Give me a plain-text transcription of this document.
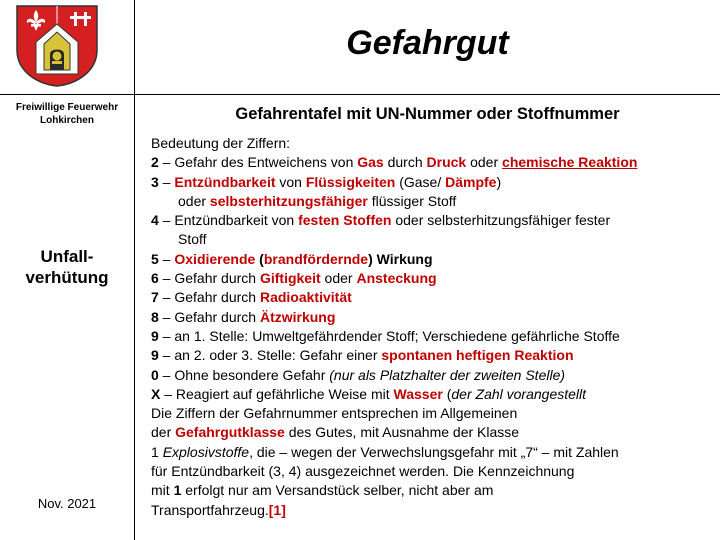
Gefahrgut
Freiwillige Feuerwehr
Lohkirchen
Unfall-
verhütung
Nov. 2021
Gefahrentafel mit UN-Nummer oder Stoffnummer
Bedeutung der Ziffern:
2 – Gefahr des Entweichens von Gas durch Druck oder chemische Reaktion
3 – Entzündbarkeit von Flüssigkeiten (Gase/ Dämpfe)
oder selbsterhitzungsfähiger flüssiger Stoff
4 – Entzündbarkeit von festen Stoffen oder selbsterhitzungsfähiger fester
Stoff
5 – Oxidierende (brandfördernde) Wirkung
6 – Gefahr durch Giftigkeit oder Ansteckung
7 – Gefahr durch Radioaktivität
8 – Gefahr durch Ätzwirkung
9 – an 1. Stelle: Umweltgefährdender Stoff; Verschiedene gefährliche Stoffe
9 – an 2. oder 3. Stelle: Gefahr einer spontanen heftigen Reaktion
0 – Ohne besondere Gefahr (nur als Platzhalter der zweiten Stelle)
X – Reagiert auf gefährliche Weise mit Wasser (der Zahl vorangestellt
Die Ziffern der Gefahrnummer entsprechen im Allgemeinen
der Gefahrgutklasse des Gutes, mit Ausnahme der Klasse
1 Explosivstoffe, die – wegen der Verwechslungsgefahr mit „7“ – mit Zahlen
für Entzündbarkeit (3, 4) ausgezeichnet werden. Die Kennzeichnung
mit 1 erfolgt nur am Versandstück selber, nicht aber am
Transportfahrzeug.[1]
